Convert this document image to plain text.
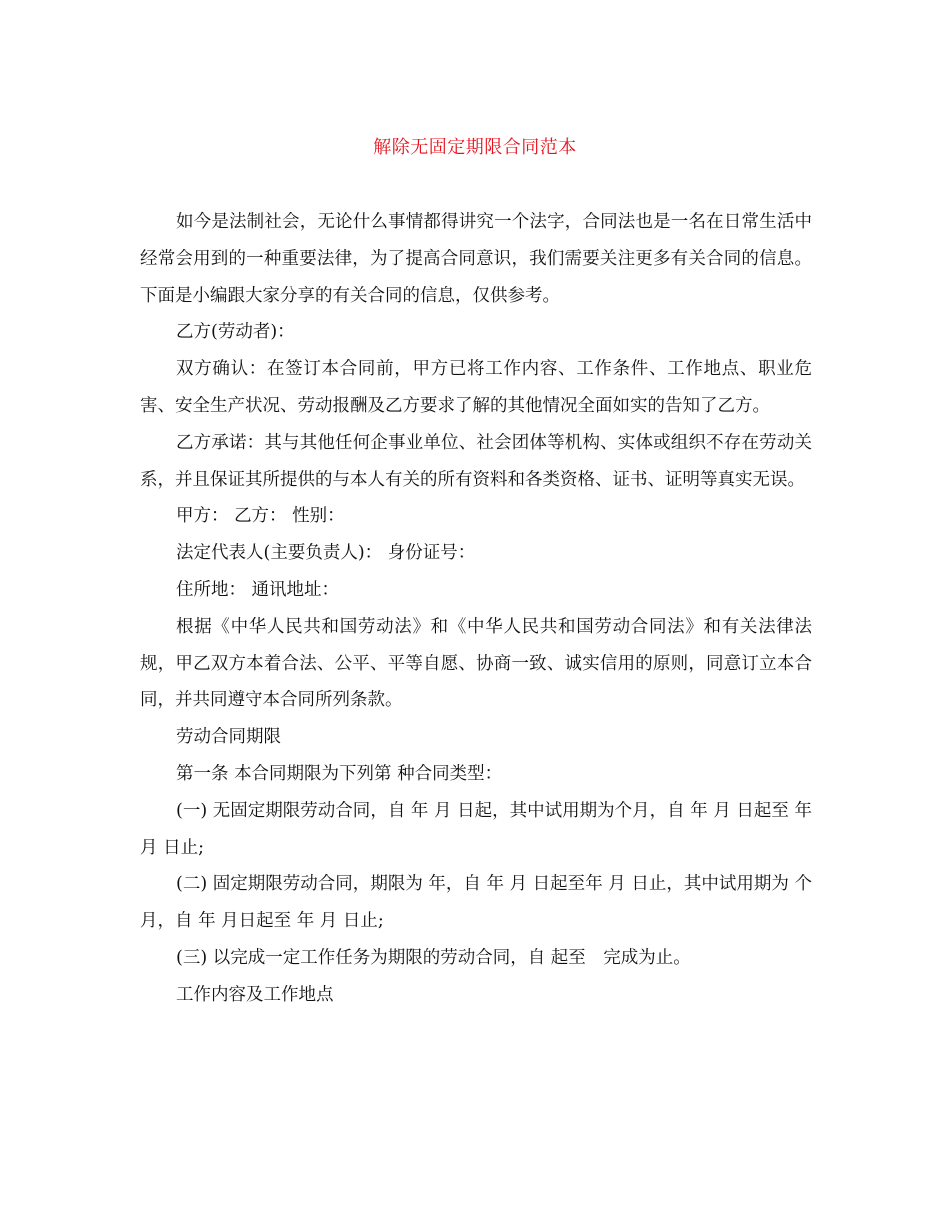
解除无固定期限合同范本

如今是法制社会，无论什么事情都得讲究一个法字，合同法也是一名在日常生活中经常会用到的一种重要法律，为了提高合同意识，我们需要关注更多有关合同的信息。下面是小编跟大家分享的有关合同的信息，仅供参考。

乙方(劳动者)：

双方确认：在签订本合同前，甲方已将工作内容、工作条件、工作地点、职业危害、安全生产状况、劳动报酬及乙方要求了解的其他情况全面如实的告知了乙方。

乙方承诺：其与其他任何企事业单位、社会团体等机构、实体或组织不存在劳动关系，并且保证其所提供的与本人有关的所有资料和各类资格、证书、证明等真实无误。

甲方： 乙方： 性别：

法定代表人(主要负责人)： 身份证号：

住所地： 通讯地址：

根据《中华人民共和国劳动法》和《中华人民共和国劳动合同法》和有关法律法规，甲乙双方本着合法、公平、平等自愿、协商一致、诚实信用的原则，同意订立本合同，并共同遵守本合同所列条款。

劳动合同期限

第一条 本合同期限为下列第 种合同类型：

(一) 无固定期限劳动合同，自 年 月 日起，其中试用期为个月，自 年 月 日起至 年 月 日止;

(二) 固定期限劳动合同，期限为 年，自 年 月 日起至年 月 日止，其中试用期为 个月，自 年 月日起至 年 月 日止;

(三) 以完成一定工作任务为期限的劳动合同，自 起至　完成为止。

工作内容及工作地点
